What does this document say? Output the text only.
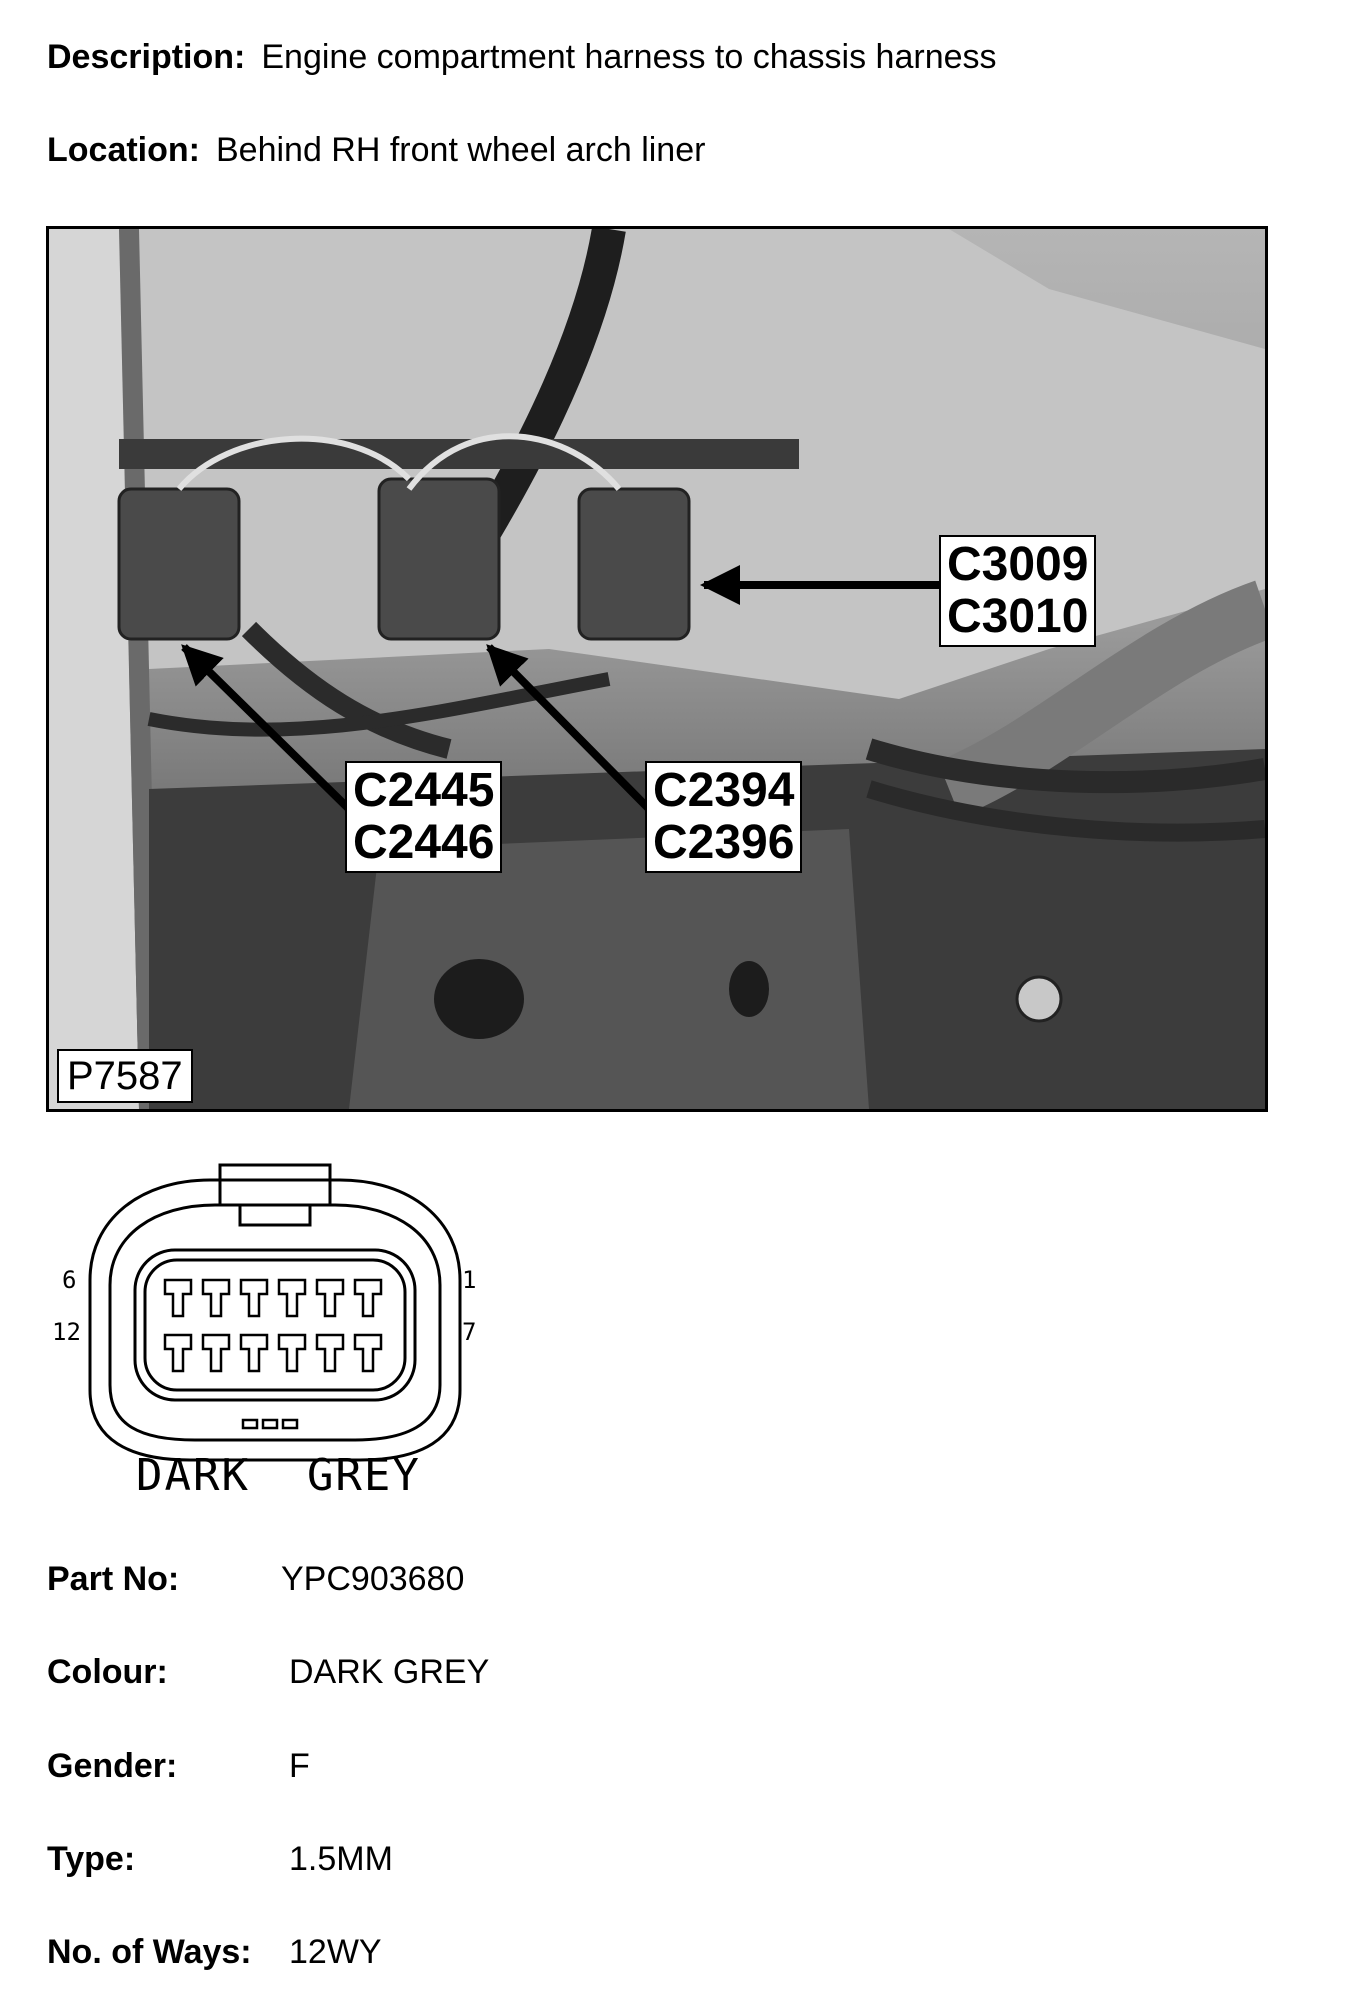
Description: Engine compartment harness to chassis harness
Location: Behind RH front wheel arch liner
C3009
C3010
C2445
C2446
C2394
C2396
P7587
6
12
1
7
DARK  GREY
Part No:	YPC903680
Colour:	DARK GREY
Gender:	F
Type:	1.5MM
No. of Ways: 12WY
